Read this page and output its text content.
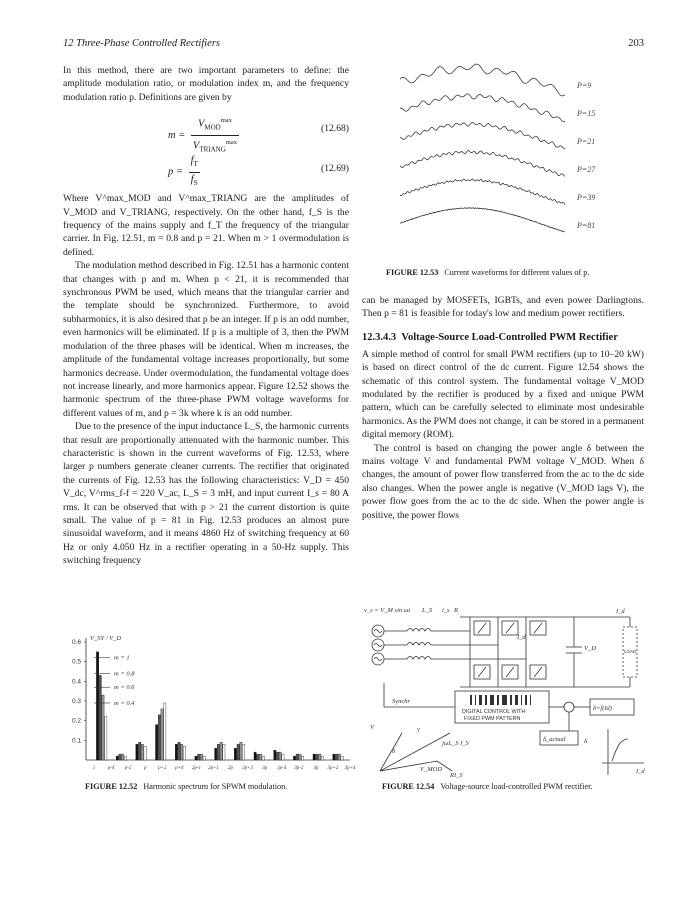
12 Three-Phase Controlled Rectifiers	203

In this method, there are two important parameters to define: the amplitude modulation ratio, or modulation index m, and the frequency modulation ratio p. Definitions are given by

$m = \frac{V_{MOD}^{max}}{V_{TRIANG}^{max}}$	(12.68)
$p = \frac{f_T}{f_S}$	(12.69)

Where V^max_MOD and V^max_TRIANG are the amplitudes of V_MOD and V_TRIANG, respectively. On the other hand, f_S is the frequency of the mains supply and f_T the frequency of the triangular carrier. In Fig. 12.51, m = 0.8 and p = 21. When m > 1 overmodulation is defined.

The modulation method described in Fig. 12.51 has a harmonic content that changes with p and m. When p < 21, it is recommended that synchronous PWM be used, which means that the triangular carrier and the template should be synchronized. Furthermore, to avoid subharmonics, it is also desired that p be an integer. If p is an odd number, even harmonics will be eliminated. If p is a multiple of 3, then the PWM modulation of the three phases will be identical. When m increases, the amplitude of the fundamental voltage increases proportionally, but some harmonics decrease. Under overmodulation, the fundamental voltage does not increase linearly, and more harmonics appear. Figure 12.52 shows the harmonic spectrum of the three-phase PWM voltage waveforms for different values of m, and p = 3k where k is an odd number.

Due to the presence of the input inductance L_S, the harmonic currents that result are proportionally attenuated with the harmonic number. This characteristic is shown in the current waveforms of Fig. 12.53, where larger p numbers generate cleaner currents. The rectifier that originated the currents of Fig. 12.53 has the following characteristics: V_D = 450 V_dc, V^rms_f-f = 220 V_ac, L_S = 3 mH, and input current I_s = 80 A rms. It can be observed that with p > 21 the current distortion is quite small. The value of p = 81 in Fig. 12.53 produces an almost pure sinusoidal waveform, and it means 4860 Hz of switching frequency at 60 Hz or only 4.050 Hz in a rectifier operating in a 50-Hz supply. This switching frequency

P=9
P=15
P=21
P=27
P=39
P=81
FIGURE 12.53 Current waveforms for different values of p.

can be managed by MOSFETs, IGBTs, and even power Darlingtons. Then p = 81 is feasible for today's low and medium power rectifiers.

12.3.4.3 Voltage-Source Load-Controlled PWM Rectifier

A simple method of control for small PWM rectifiers (up to 10–20 kW) is based on direct control of the dc current. Figure 12.54 shows the schematic of this control system. The fundamental voltage V_MOD modulated by the rectifier is produced by a fixed and unique PWM pattern, which can be carefully selected to eliminate most undesirable harmonics. As the PWM does not change, it can be stored in a permanent digital memory (ROM).

The control is based on changing the power angle δ between the mains voltage V and fundamental PWM voltage V_MOD. When δ changes, the amount of power flow transferred from the ac to the dc side also changes. When the power angle is negative (V_MOD lags V), the power flow goes from the ac to the dc side. When the power angle is positive, the power flows

V_SY / V_D
0.6
0.5
0.4
0.3
0.2
0.1
m = 1
m = 0.8
m = 0.6
m = 0.4
1	p-4 p-2	p p+2 p+4 2p-1 2p+1 2p 2p+3 3p 3p-4 3p-2 3p 3p+2 3p+4
FIGURE 12.52 Harmonic spectrum for SPWM modulation.
v_s = V_M sin ωt L_S	R
i_s
I_d
I_d
V_D	LOAD
Synchr
DIGITAL CONTROL WITH
FIXED PWM PATTERN
δ=f(Id)
δ_actual	δ
y
V
δ
V_MOD
jωL_S I_S
RI_S
I_d
FIGURE 12.54 Voltage-source load-controlled PWM rectifier.
